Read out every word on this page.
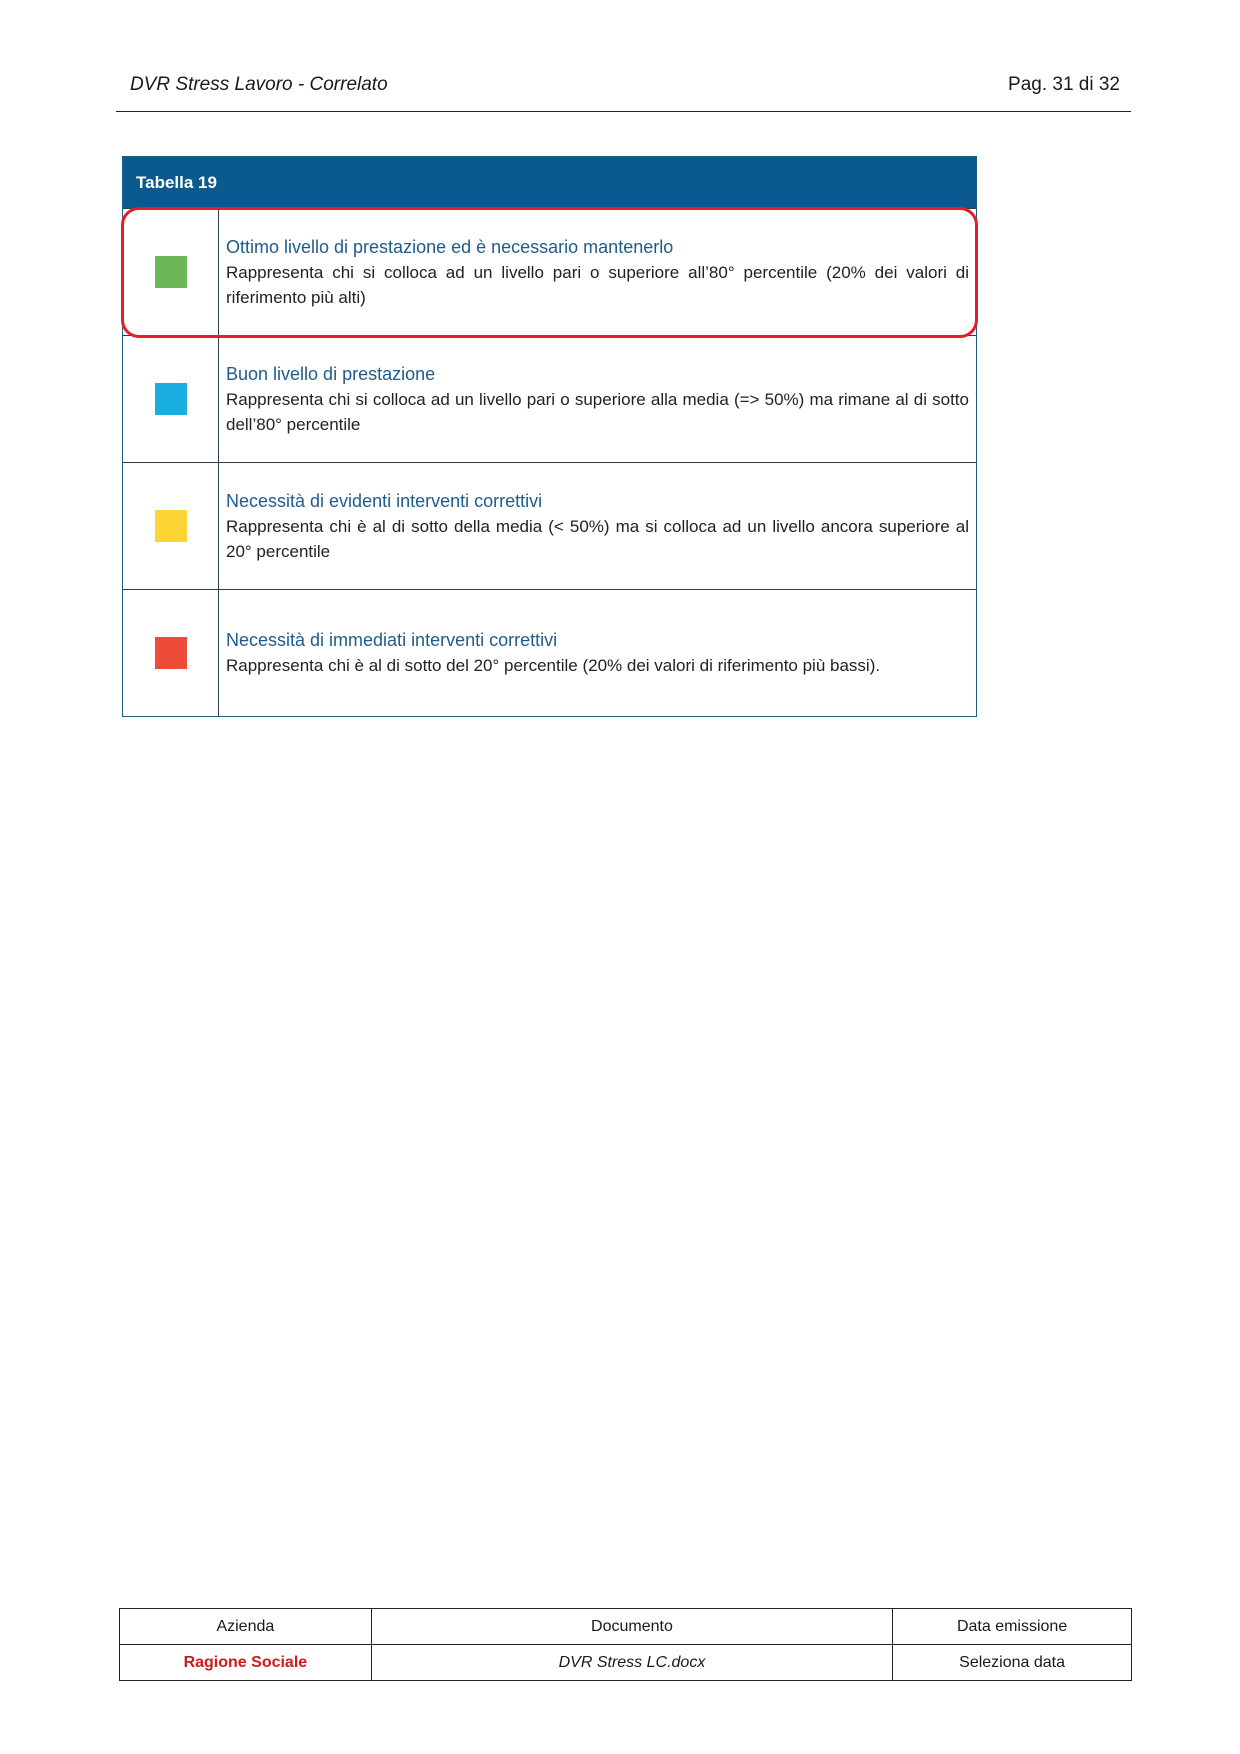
DVR Stress Lavoro - Correlato	Pag. 31 di 32
Tabella 19
Ottimo livello di prestazione ed è necessario mantenerlo
Rappresenta chi si colloca ad un livello pari o superiore all’80° percentile (20% dei valori di riferimento più alti)
Buon livello di prestazione
Rappresenta chi si colloca ad un livello pari o superiore alla media (=> 50%) ma rimane al di sotto dell’80° percentile
Necessità di evidenti interventi correttivi
Rappresenta chi è al di sotto della media (< 50%) ma si colloca ad un livello ancora superiore al 20° percentile
Necessità di immediati interventi correttivi
Rappresenta chi è al di sotto del 20° percentile (20% dei valori di riferimento più bassi).
Azienda	Documento	Data emissione
Ragione Sociale	DVR Stress LC.docx	Seleziona data
